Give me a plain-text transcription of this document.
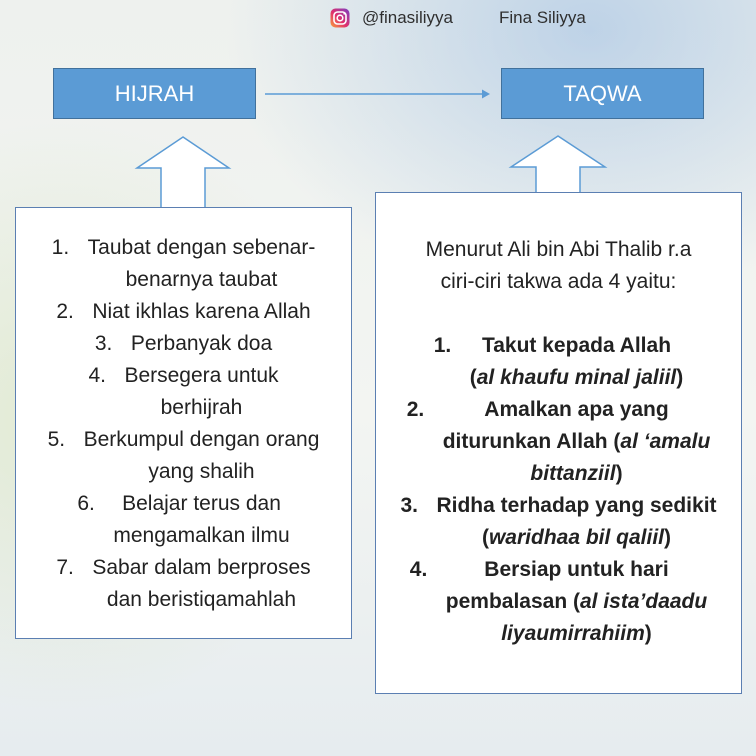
@finasiliyya	Fina Siliyya
HIJRAH	TAQWA
1. Taubat dengan sebenar-
benarnya taubat
2. Niat ikhlas karena Allah
3. Perbanyak doa
4. Bersegera untuk
berhijrah
5. Berkumpul dengan orang
yang shalih
6.	Belajar terus dan
mengamalkan ilmu
7. Sabar dalam berproses
dan beristiqamahlah
Menurut Ali bin Abi Thalib r.a
ciri-ciri takwa ada 4 yaitu:
1.	Takut kepada Allah
(al khaufu minal jaliil)
2.	Amalkan apa yang
diturunkan Allah (al ‘amalu
bittanziil)
3. Ridha terhadap yang sedikit
(waridhaa bil qaliil)
4.	Bersiap untuk hari
pembalasan (al ista’daadu
liyaumirrahiim)
